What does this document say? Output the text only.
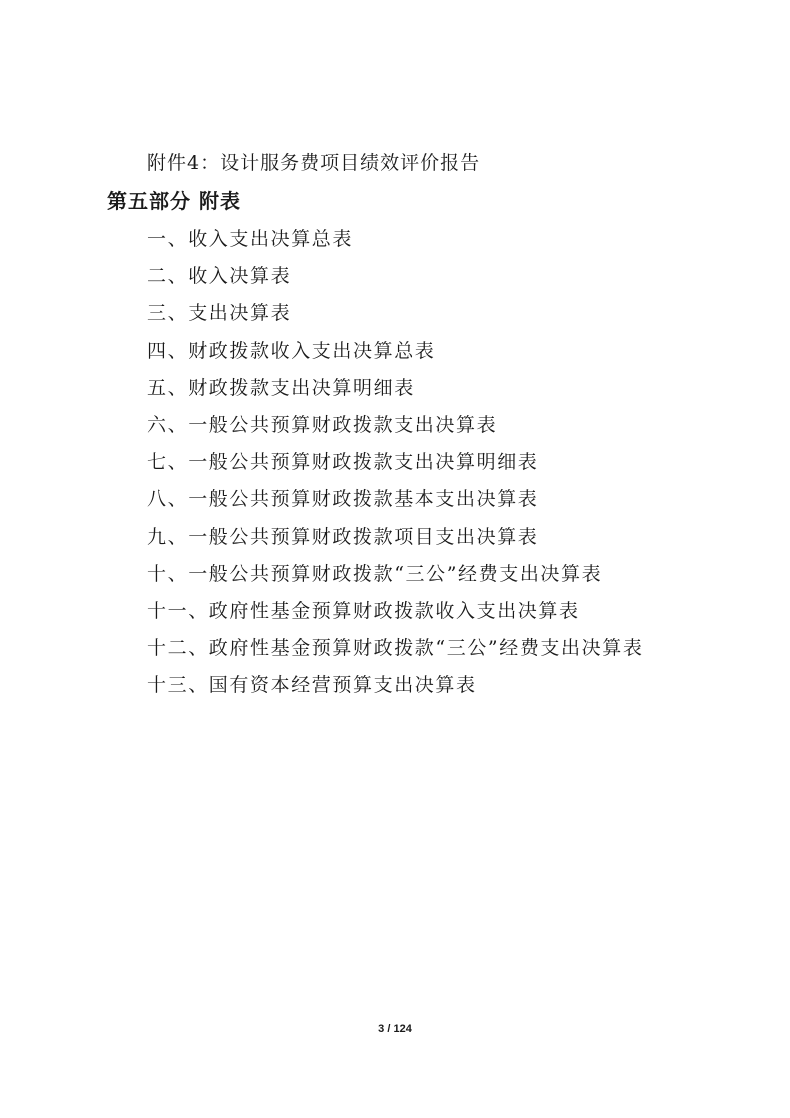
附件4：设计服务费项目绩效评价报告
第五部分 附表
一、收入支出决算总表
二、收入决算表
三、支出决算表
四、财政拨款收入支出决算总表
五、财政拨款支出决算明细表
六、一般公共预算财政拨款支出决算表
七、一般公共预算财政拨款支出决算明细表
八、一般公共预算财政拨款基本支出决算表
九、一般公共预算财政拨款项目支出决算表
十、一般公共预算财政拨款“三公”经费支出决算表
十一、政府性基金预算财政拨款收入支出决算表
十二、政府性基金预算财政拨款“三公”经费支出决算表
十三、国有资本经营预算支出决算表
3 / 124
